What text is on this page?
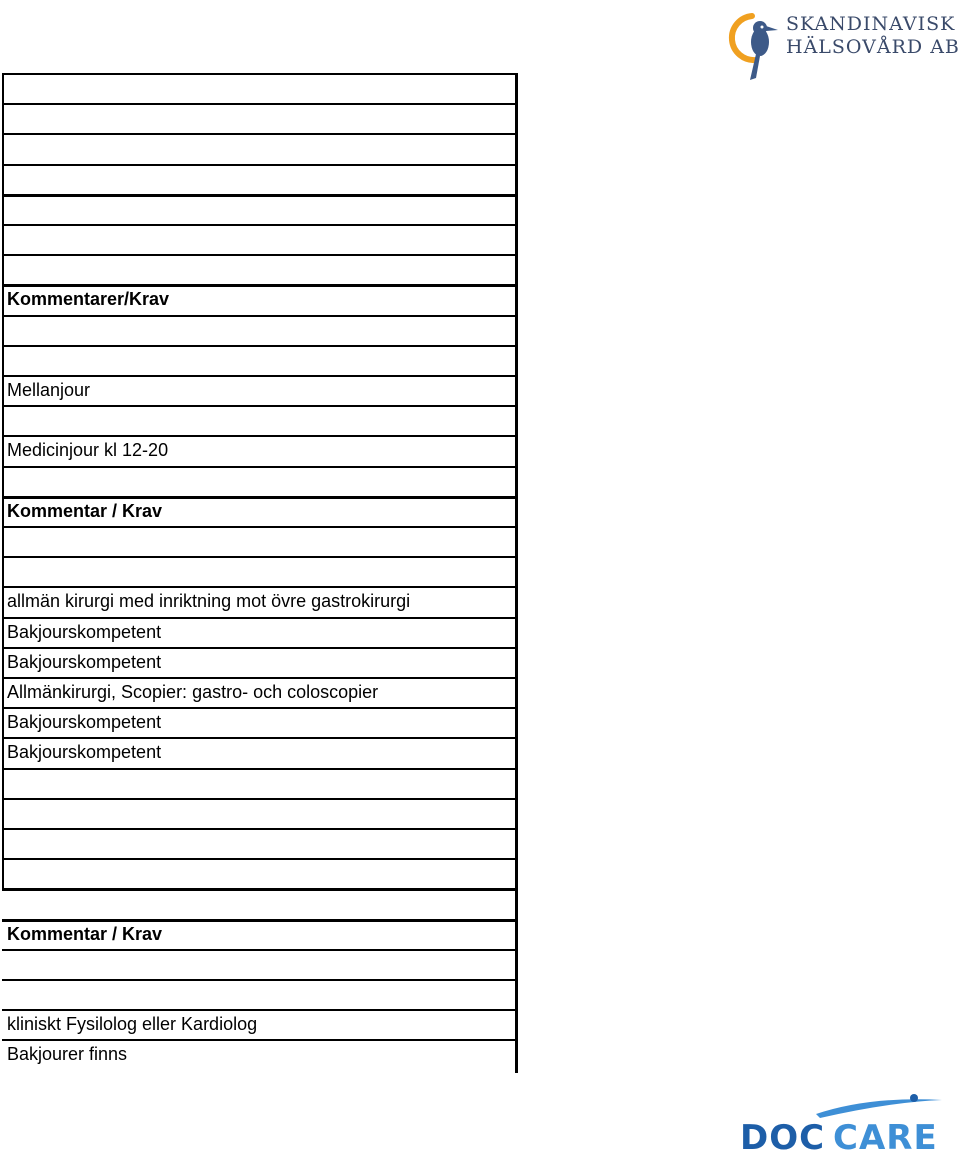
SKANDINAVISK
HÄLSOVÅRD AB
Kommentarer/Krav
Mellanjour
Medicinjour kl 12-20
Kommentar / Krav
allmän kirurgi med inriktning mot övre gastrokirurgi
Bakjourskompetent
Bakjourskompetent
Allmänkirurgi, Scopier: gastro- och coloscopier
Bakjourskompetent
Bakjourskompetent
Kommentar / Krav
kliniskt Fysilolog eller Kardiolog
Bakjourer finns
DOC CARE
